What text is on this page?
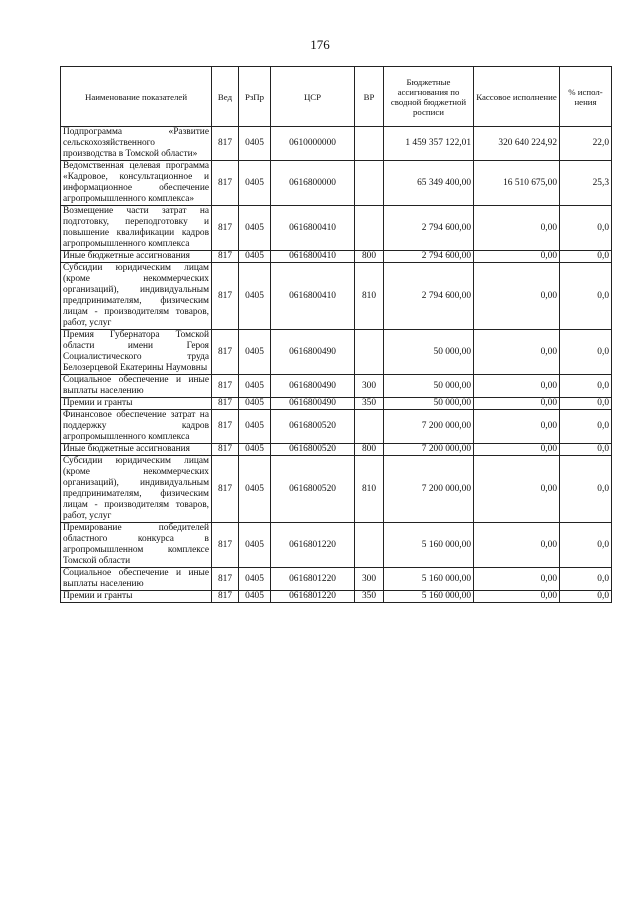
176
Наименование показателей	Вед	РзПр	ЦСР	ВР	Бюджетные ассигнования по сводной бюджетной росписи	Кассовое исполнение	% испол-нения
Подпрограмма «Развитие сельскохозяйственного производства в Томской области»	817	0405	0610000000		1 459 357 122,01	320 640 224,92	22,0
Ведомственная целевая программа «Кадровое, консультационное и информационное обеспечение агропромышленного комплекса»	817	0405	0616800000		65 349 400,00	16 510 675,00	25,3
Возмещение части затрат на подготовку, переподготовку и повышение квалификации кадров агропромышленного комплекса	817	0405	0616800410		2 794 600,00	0,00	0,0
Иные бюджетные ассигнования	817	0405	0616800410	800	2 794 600,00	0,00	0,0
Субсидии юридическим лицам (кроме некоммерческих организаций), индивидуальным предпринимателям, физическим лицам - производителям товаров, работ, услуг	817	0405	0616800410	810	2 794 600,00	0,00	0,0
Премия Губернатора Томской области имени Героя Социалистического труда Белозерцевой Екатерины Наумовны	817	0405	0616800490		50 000,00	0,00	0,0
Социальное обеспечение и иные выплаты населению	817	0405	0616800490	300	50 000,00	0,00	0,0
Премии и гранты	817	0405	0616800490	350	50 000,00	0,00	0,0
Финансовое обеспечение затрат на поддержку кадров агропромышленного комплекса	817	0405	0616800520		7 200 000,00	0,00	0,0
Иные бюджетные ассигнования	817	0405	0616800520	800	7 200 000,00	0,00	0,0
Субсидии юридическим лицам (кроме некоммерческих организаций), индивидуальным предпринимателям, физическим лицам - производителям товаров, работ, услуг	817	0405	0616800520	810	7 200 000,00	0,00	0,0
Премирование победителей областного конкурса в агропромышленном комплексе Томской области	817	0405	0616801220		5 160 000,00	0,00	0,0
Социальное обеспечение и иные выплаты населению	817	0405	0616801220	300	5 160 000,00	0,00	0,0
Премии и гранты	817	0405	0616801220	350	5 160 000,00	0,00	0,0
